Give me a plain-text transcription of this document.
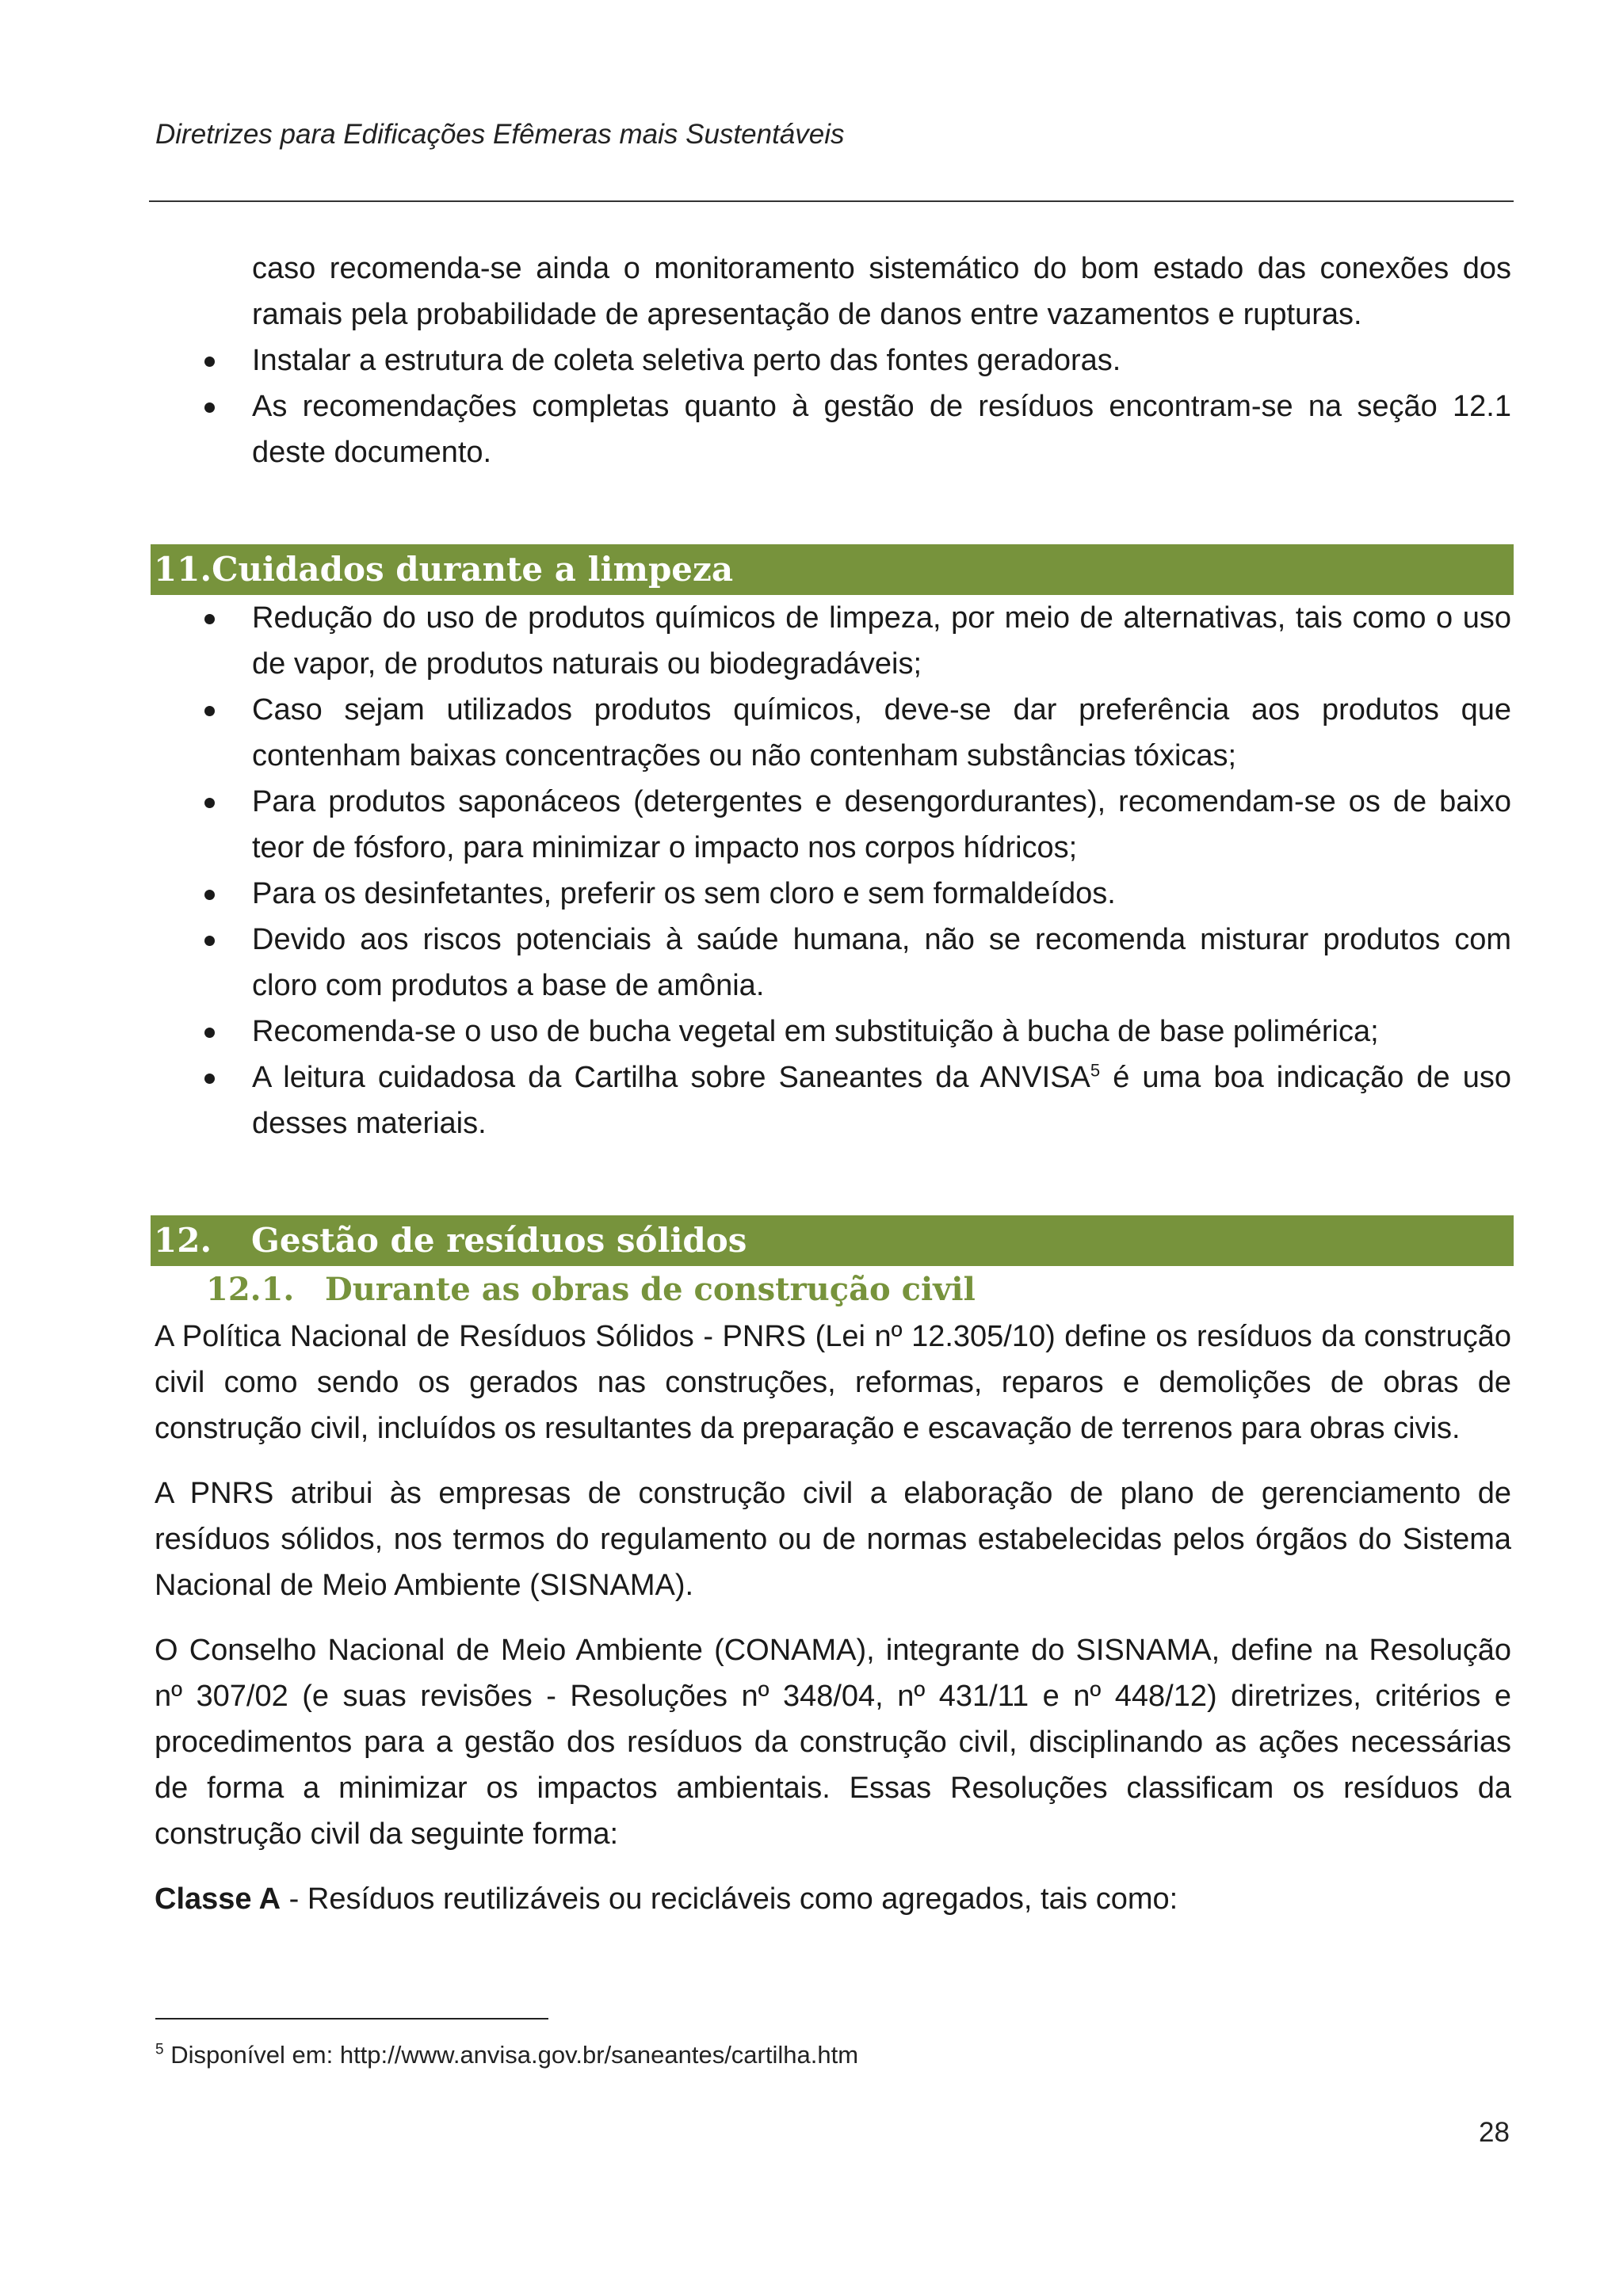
Diretrizes para Edificações Efêmeras mais Sustentáveis

caso recomenda-se ainda o monitoramento sistemático do bom estado das conexões dos ramais pela probabilidade de apresentação de danos entre vazamentos e rupturas.

Instalar a estrutura de coleta seletiva perto das fontes geradoras.
As recomendações completas quanto à gestão de resíduos encontram-se na seção 12.1 deste documento.
11. Cuidados durante a limpeza
Redução do uso de produtos químicos de limpeza, por meio de alternativas, tais como o uso de vapor, de produtos naturais ou biodegradáveis;
Caso sejam utilizados produtos químicos, deve-se dar preferência aos produtos que contenham baixas concentrações ou não contenham substâncias tóxicas;
Para produtos saponáceos (detergentes e desengordurantes), recomendam-se os de baixo teor de fósforo, para minimizar o impacto nos corpos hídricos;
Para os desinfetantes, preferir os sem cloro e sem formaldeídos.
Devido aos riscos potenciais à saúde humana, não se recomenda misturar produtos com cloro com produtos a base de amônia.
Recomenda-se o uso de bucha vegetal em substituição à bucha de base polimérica;
A leitura cuidadosa da Cartilha sobre Saneantes da ANVISA$^5$ é uma boa indicação de uso desses materiais.
12.	Gestão de resíduos sólidos
12.1. Durante as obras de construção civil

A Política Nacional de Resíduos Sólidos - PNRS (Lei nº 12.305/10) define os resíduos da construção civil como sendo os gerados nas construções, reformas, reparos e demolições de obras de construção civil, incluídos os resultantes da preparação e escavação de terrenos para obras civis.

A PNRS atribui às empresas de construção civil a elaboração de plano de gerenciamento de resíduos sólidos, nos termos do regulamento ou de normas estabelecidas pelos órgãos do Sistema Nacional de Meio Ambiente (SISNAMA).

O Conselho Nacional de Meio Ambiente (CONAMA), integrante do SISNAMA, define na Resolução nº 307/02 (e suas revisões - Resoluções nº 348/04, nº 431/11 e nº 448/12) diretrizes, critérios e procedimentos para a gestão dos resíduos da construção civil, disciplinando as ações necessárias de forma a minimizar os impactos ambientais. Essas Resoluções classificam os resíduos da construção civil da seguinte forma:

Classe A - Resíduos reutilizáveis ou recicláveis como agregados, tais como:

$^5$ Disponível em: http://www.anvisa.gov.br/saneantes/cartilha.htm
28
